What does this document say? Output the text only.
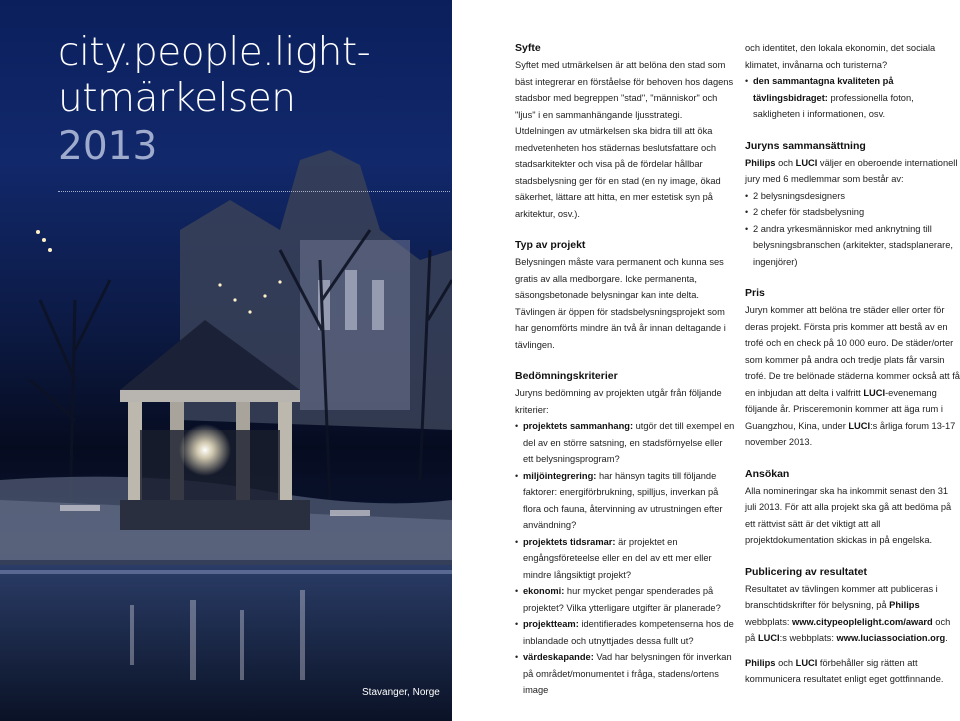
city.people.light-
utmärkelsen
2013
Stavanger, Norge
Syfte

Syftet med utmärkelsen är att belöna den stad som bäst integrerar en förståelse för behoven hos dagens stadsbor med begreppen "stad", "människor" och "ljus" i en sammanhängande ljusstrategi.

Utdelningen av utmärkelsen ska bidra till att öka medvetenheten hos städernas beslutsfattare och stadsarkitekter och visa på de fördelar hållbar stadsbelysning ger för en stad (en ny image, ökad säkerhet, lättare att hitta, en mer estetisk syn på arkitektur, osv.).

Typ av projekt

Belysningen måste vara permanent och kunna ses gratis av alla medborgare. Icke permanenta, säsongsbetonade belysningar kan inte delta.

Tävlingen är öppen för stadsbelysningsprojekt som har genomförts mindre än två år innan deltagande i tävlingen.

Bedömningskriterier

Juryns bedömning av projekten utgår från följande kriterier:

• projektets sammanhang: utgör det till exempel en del av en större satsning, en stadsförnyelse eller ett belysningsprogram?
• miljöintegrering: har hänsyn tagits till följande faktorer: energiförbrukning, spilljus, inverkan på flora och fauna, återvinning av utrustningen efter användning?
• projektets tidsramar: är projektet en engångsföreteelse eller en del av ett mer eller mindre långsiktigt projekt?
• ekonomi: hur mycket pengar spenderades på projektet? Vilka ytterligare utgifter är planerade?
• projektteam: identifierades kompetenserna hos de inblandade och utnyttjades dessa fullt ut?
• värdeskapande: Vad har belysningen för inverkan på området/monumentet i fråga, stadens/ortens image

och identitet, den lokala ekonomin, det sociala klimatet, invånarna och turisterna?

• den sammantagna kvaliteten på tävlingsbidraget: professionella foton, sakligheten i informationen, osv.
Juryns sammansättning

Philips och LUCI väljer en oberoende internationell jury med 6 medlemmar som består av:

• 2 belysningsdesigners
• 2 chefer för stadsbelysning
• 2 andra yrkesmänniskor med anknytning till belysningsbranschen (arkitekter, stadsplanerare, ingenjörer)
Pris

Juryn kommer att belöna tre städer eller orter för deras projekt. Första pris kommer att bestå av en trofé och en check på 10 000 euro. De städer/orter som kommer på andra och tredje plats får varsin trofé. De tre belönade städerna kommer också att få en inbjudan att delta i valfritt LUCI-evenemang följande år. Prisceremonin kommer att äga rum i Guangzhou, Kina, under LUCI:s årliga forum 13-17 november 2013.

Ansökan

Alla nomineringar ska ha inkommit senast den 31 juli 2013. För att alla projekt ska gå att bedöma på ett rättvist sätt är det viktigt att all projektdokumentation skickas in på engelska.

Publicering av resultatet

Resultatet av tävlingen kommer att publiceras i branschtidskrifter för belysning, på Philips webbplats: www.citypeoplelight.com/award och på LUCI:s webbplats: www.luciassociation.org.

Philips och LUCI förbehåller sig rätten att kommunicera resultatet enligt eget gottfinnande.
